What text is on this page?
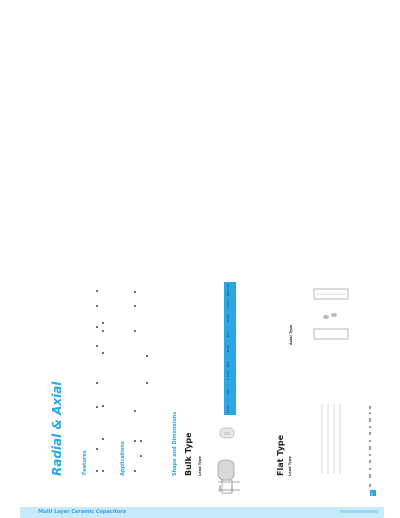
Radial & Axial	Features	Applications	Shape and Dimensions Bulk Type Lead Type
Code
Size
T max
Max
Pitch
Dia
Lead
Color
Marking
Flat Type Lead Type
Axial Type
11
Multi Layer Ceramic Capacitors
